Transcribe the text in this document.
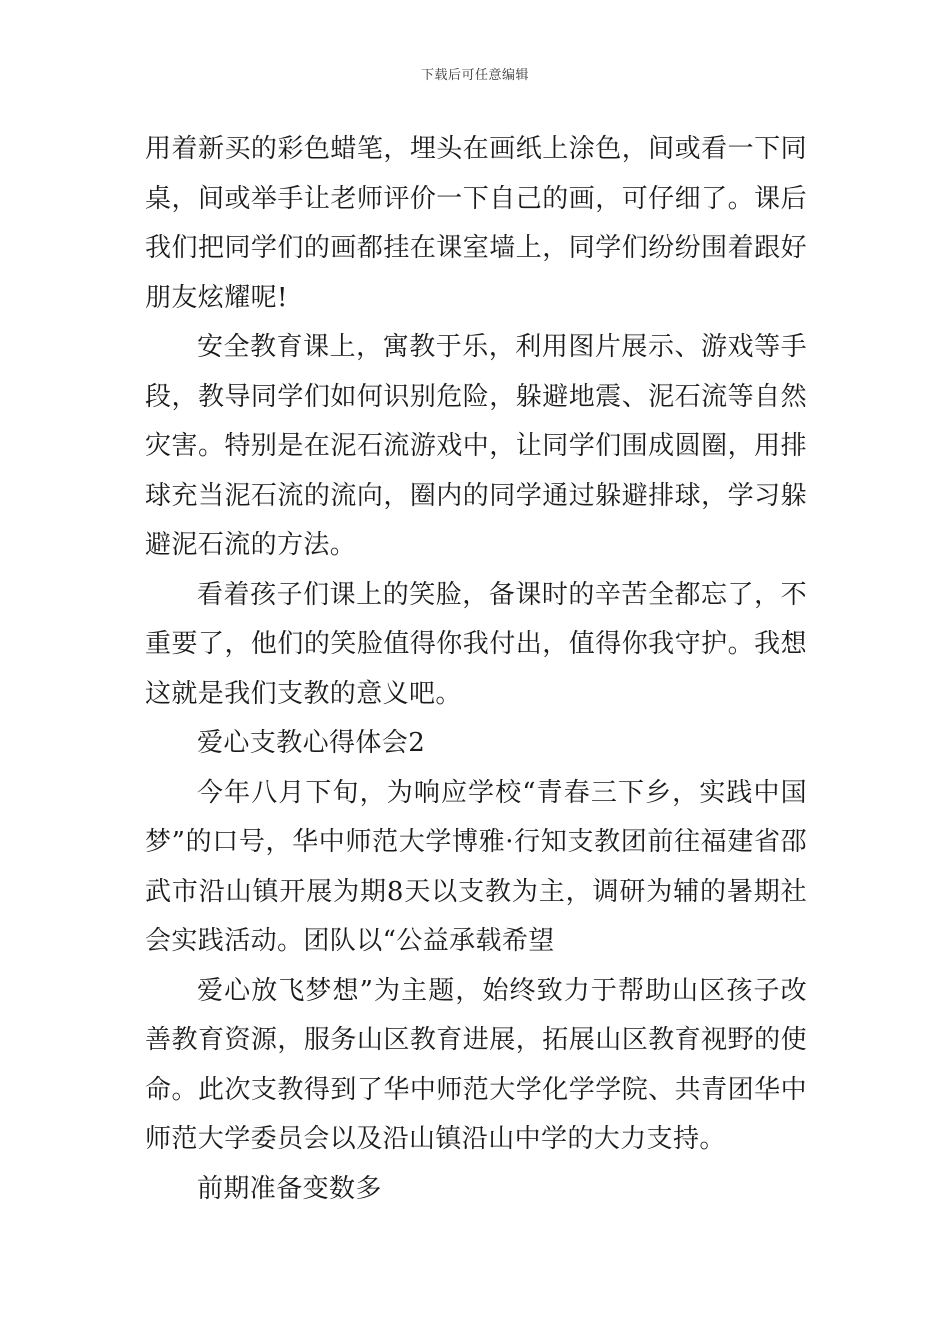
下载后可任意编辑

用着新买的彩色蜡笔，埋头在画纸上涂色，间或看一下同桌，间或举手让老师评价一下自己的画，可仔细了。课后我们把同学们的画都挂在课室墙上，同学们纷纷围着跟好朋友炫耀呢!

安全教育课上，寓教于乐，利用图片展示、游戏等手段，教导同学们如何识别危险，躲避地震、泥石流等自然灾害。特别是在泥石流游戏中，让同学们围成圆圈，用排球充当泥石流的流向，圈内的同学通过躲避排球，学习躲避泥石流的方法。

看着孩子们课上的笑脸，备课时的辛苦全都忘了，不重要了，他们的笑脸值得你我付出，值得你我守护。我想这就是我们支教的意义吧。

爱心支教心得体会2

今年八月下旬，为响应学校“青春三下乡，实践中国梦”的口号，华中师范大学博雅·行知支教团前往福建省邵武市沿山镇开展为期8天以支教为主，调研为辅的暑期社会实践活动。团队以“公益承载希望

爱心放飞梦想”为主题，始终致力于帮助山区孩子改善教育资源，服务山区教育进展，拓展山区教育视野的使命。此次支教得到了华中师范大学化学学院、共青团华中师范大学委员会以及沿山镇沿山中学的大力支持。

前期准备变数多
